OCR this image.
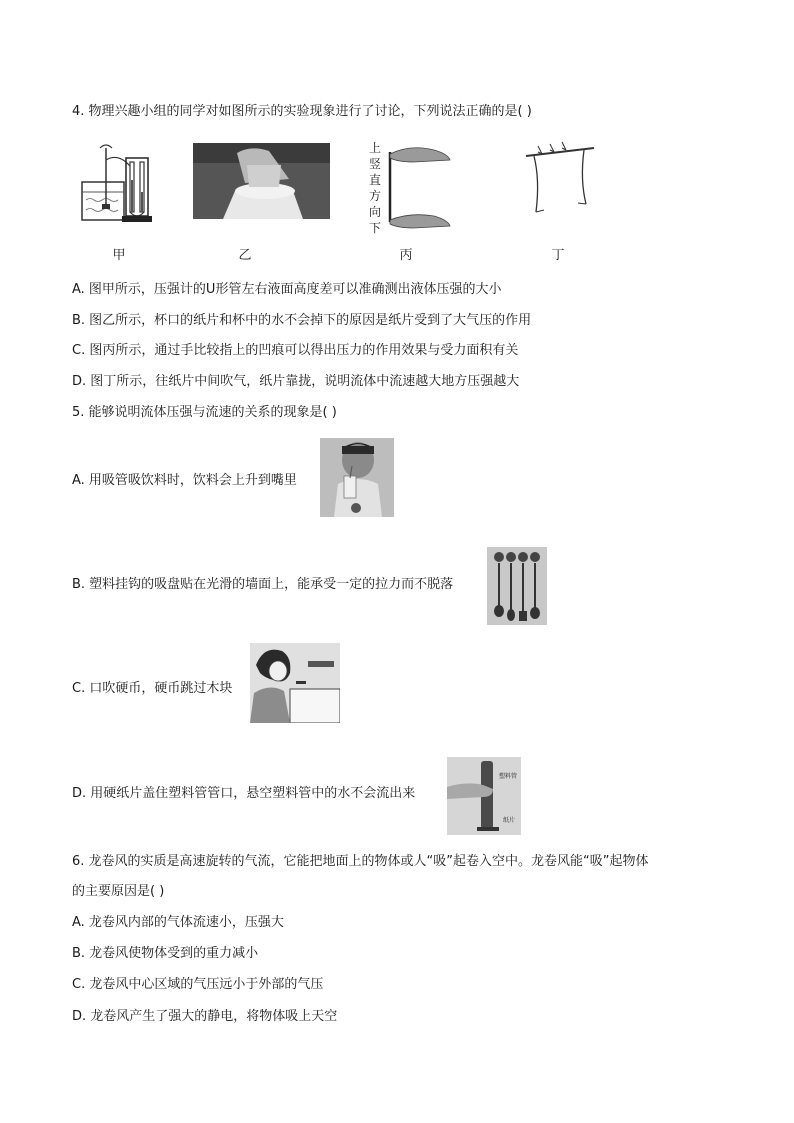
4. 物理兴趣小组的同学对如图所示的实验现象进行了讨论，下列说法正确的是( )
上
竖
直
方
向
下
甲	乙	丙	丁
A. 图甲所示，压强计的U形管左右液面高度差可以准确测出液体压强的大小
B. 图乙所示，杯口的纸片和杯中的水不会掉下的原因是纸片受到了大气压的作用
C. 图丙所示，通过手比较指上的凹痕可以得出压力的作用效果与受力面积有关
D. 图丁所示，往纸片中间吹气，纸片靠拢，说明流体中流速越大地方压强越大
5. 能够说明流体压强与流速的关系的现象是( )
A. 用吸管吸饮料时，饮料会上升到嘴里
B. 塑料挂钩的吸盘贴在光滑的墙面上，能承受一定的拉力而不脱落
C. 口吹硬币，硬币跳过木块
D. 用硬纸片盖住塑料管管口，悬空塑料管中的水不会流出来
塑料管
纸片
6. 龙卷风的实质是高速旋转的气流，它能把地面上的物体或人“吸”起卷入空中。龙卷风能“吸”起物体
的主要原因是( )
A. 龙卷风内部的气体流速小，压强大
B. 龙卷风使物体受到的重力减小
C. 龙卷风中心区域的气压远小于外部的气压
D. 龙卷风产生了强大的静电，将物体吸上天空
